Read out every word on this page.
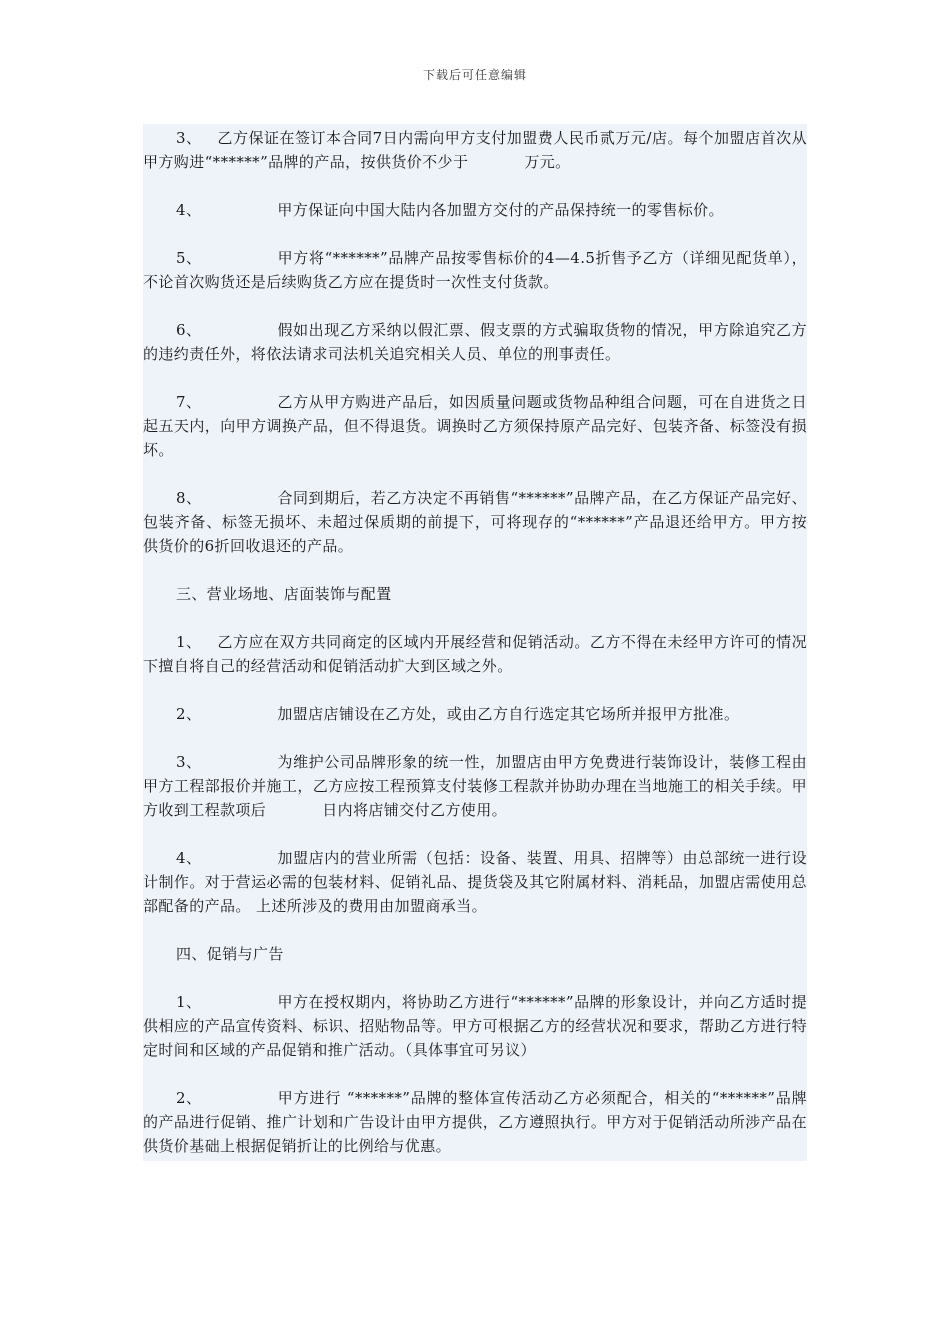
下载后可任意编辑

3、 乙方保证在签订本合同7日内需向甲方支付加盟费人民币贰万元/店。每个加盟店首次从甲方购进“******”品牌的产品，按供货价不少于	万元。

4、	甲方保证向中国大陆内各加盟方交付的产品保持统一的零售标价。

5、	甲方将“******”品牌产品按零售标价的4—4.5折售予乙方（详细见配货单），不论首次购货还是后续购货乙方应在提货时一次性支付货款。

6、	假如出现乙方采纳以假汇票、假支票的方式骗取货物的情况，甲方除追究乙方的违约责任外，将依法请求司法机关追究相关人员、单位的刑事责任。

7、	乙方从甲方购进产品后，如因质量问题或货物品种组合问题，可在自进货之日起五天内，向甲方调换产品，但不得退货。调换时乙方须保持原产品完好、包装齐备、标签没有损坏。

8、	合同到期后，若乙方决定不再销售“******”品牌产品，在乙方保证产品完好、包装齐备、标签无损坏、未超过保质期的前提下，可将现存的“******”产品退还给甲方。甲方按供货价的6折回收退还的产品。

三、营业场地、店面装饰与配置

1、 乙方应在双方共同商定的区域内开展经营和促销活动。乙方不得在未经甲方许可的情况下擅自将自己的经营活动和促销活动扩大到区域之外。

2、	加盟店店铺设在乙方处，或由乙方自行选定其它场所并报甲方批准。

3、	为维护公司品牌形象的统一性，加盟店由甲方免费进行装饰设计，装修工程由甲方工程部报价并施工，乙方应按工程预算支付装修工程款并协助办理在当地施工的相关手续。甲方收到工程款项后	日内将店铺交付乙方使用。

4、	加盟店内的营业所需（包括：设备、装置、用具、招牌等）由总部统一进行设计制作。对于营运必需的包装材料、促销礼品、提货袋及其它附属材料、消耗品，加盟店需使用总部配备的产品。 上述所涉及的费用由加盟商承当。

四、促销与广告

1、	甲方在授权期内，将协助乙方进行“******”品牌的形象设计，并向乙方适时提供相应的产品宣传资料、标识、招贴物品等。甲方可根据乙方的经营状况和要求，帮助乙方进行特定时间和区域的产品促销和推广活动。（具体事宜可另议）

2、	甲方进行 “******”品牌的整体宣传活动乙方必须配合，相关的“******”品牌的产品进行促销、推广计划和广告设计由甲方提供，乙方遵照执行。甲方对于促销活动所涉产品在供货价基础上根据促销折让的比例给与优惠。
